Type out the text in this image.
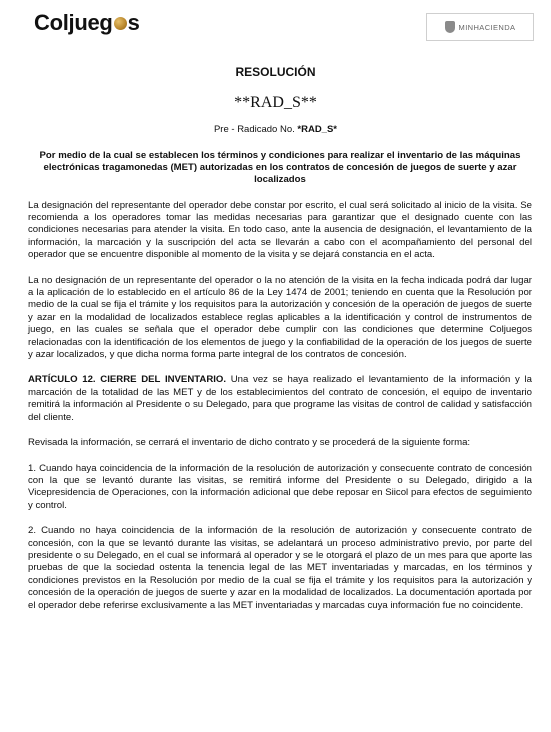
Coljueg s	MINHACIENDA
RESOLUCIÓN
**RAD_S**
Pre - Radicado No. *RAD_S*
Por medio de la cual se establecen los términos y condiciones para realizar el inventario de las máquinas electrónicas tragamonedas (MET) autorizadas en los contratos de concesión de juegos de suerte y azar localizados

La designación del representante del operador debe constar por escrito, el cual será solicitado al inicio de la visita. Se recomienda a los operadores tomar las medidas necesarias para garantizar que el designado cuente con las condiciones necesarias para atender la visita. En todo caso, ante la ausencia de designación, el levantamiento de la información, la marcación y la suscripción del acta se llevarán a cabo con el acompañamiento del personal del operador que se encuentre disponible al momento de la visita y se dejará constancia en el acta.

La no designación de un representante del operador o la no atención de la visita en la fecha indicada podrá dar lugar a la aplicación de lo establecido en el artículo 86 de la Ley 1474 de 2001; teniendo en cuenta que la Resolución por medio de la cual se fija el trámite y los requisitos para la autorización y concesión de la operación de juegos de suerte y azar en la modalidad de localizados establece reglas aplicables a la identificación y control de instrumentos de juego, en las cuales se señala que el operador debe cumplir con las condiciones que determine Coljuegos relacionadas con la identificación de los elementos de juego y la confiabilidad de la operación de los juegos de suerte y azar localizados, y que dicha norma forma parte integral de los contratos de concesión.

ARTÍCULO 12. CIERRE DEL INVENTARIO. Una vez se haya realizado el levantamiento de la información y la marcación de la totalidad de las MET y de los establecimientos del contrato de concesión, el equipo de inventario remitirá la información al Presidente o su Delegado, para que programe las visitas de control de calidad y satisfacción del cliente.

Revisada la información, se cerrará el inventario de dicho contrato y se procederá de la siguiente forma:

1. Cuando haya coincidencia de la información de la resolución de autorización y consecuente contrato de concesión con la que se levantó durante las visitas, se remitirá informe del Presidente o su Delegado, dirigido a la Vicepresidencia de Operaciones, con la información adicional que debe reposar en Siicol para efectos de seguimiento y control.

2. Cuando no haya coincidencia de la información de la resolución de autorización y consecuente contrato de concesión, con la que se levantó durante las visitas, se adelantará un proceso administrativo previo, por parte del presidente o su Delegado, en el cual se informará al operador y se le otorgará el plazo de un mes para que aporte las pruebas de que la sociedad ostenta la tenencia legal de las MET inventariadas y marcadas, en los términos y condiciones previstos en la Resolución por medio de la cual se fija el trámite y los requisitos para la autorización y concesión de la operación de juegos de suerte y azar en la modalidad de localizados. La documentación aportada por el operador debe referirse exclusivamente a las MET inventariadas y marcadas cuya información fue no coincidente.
